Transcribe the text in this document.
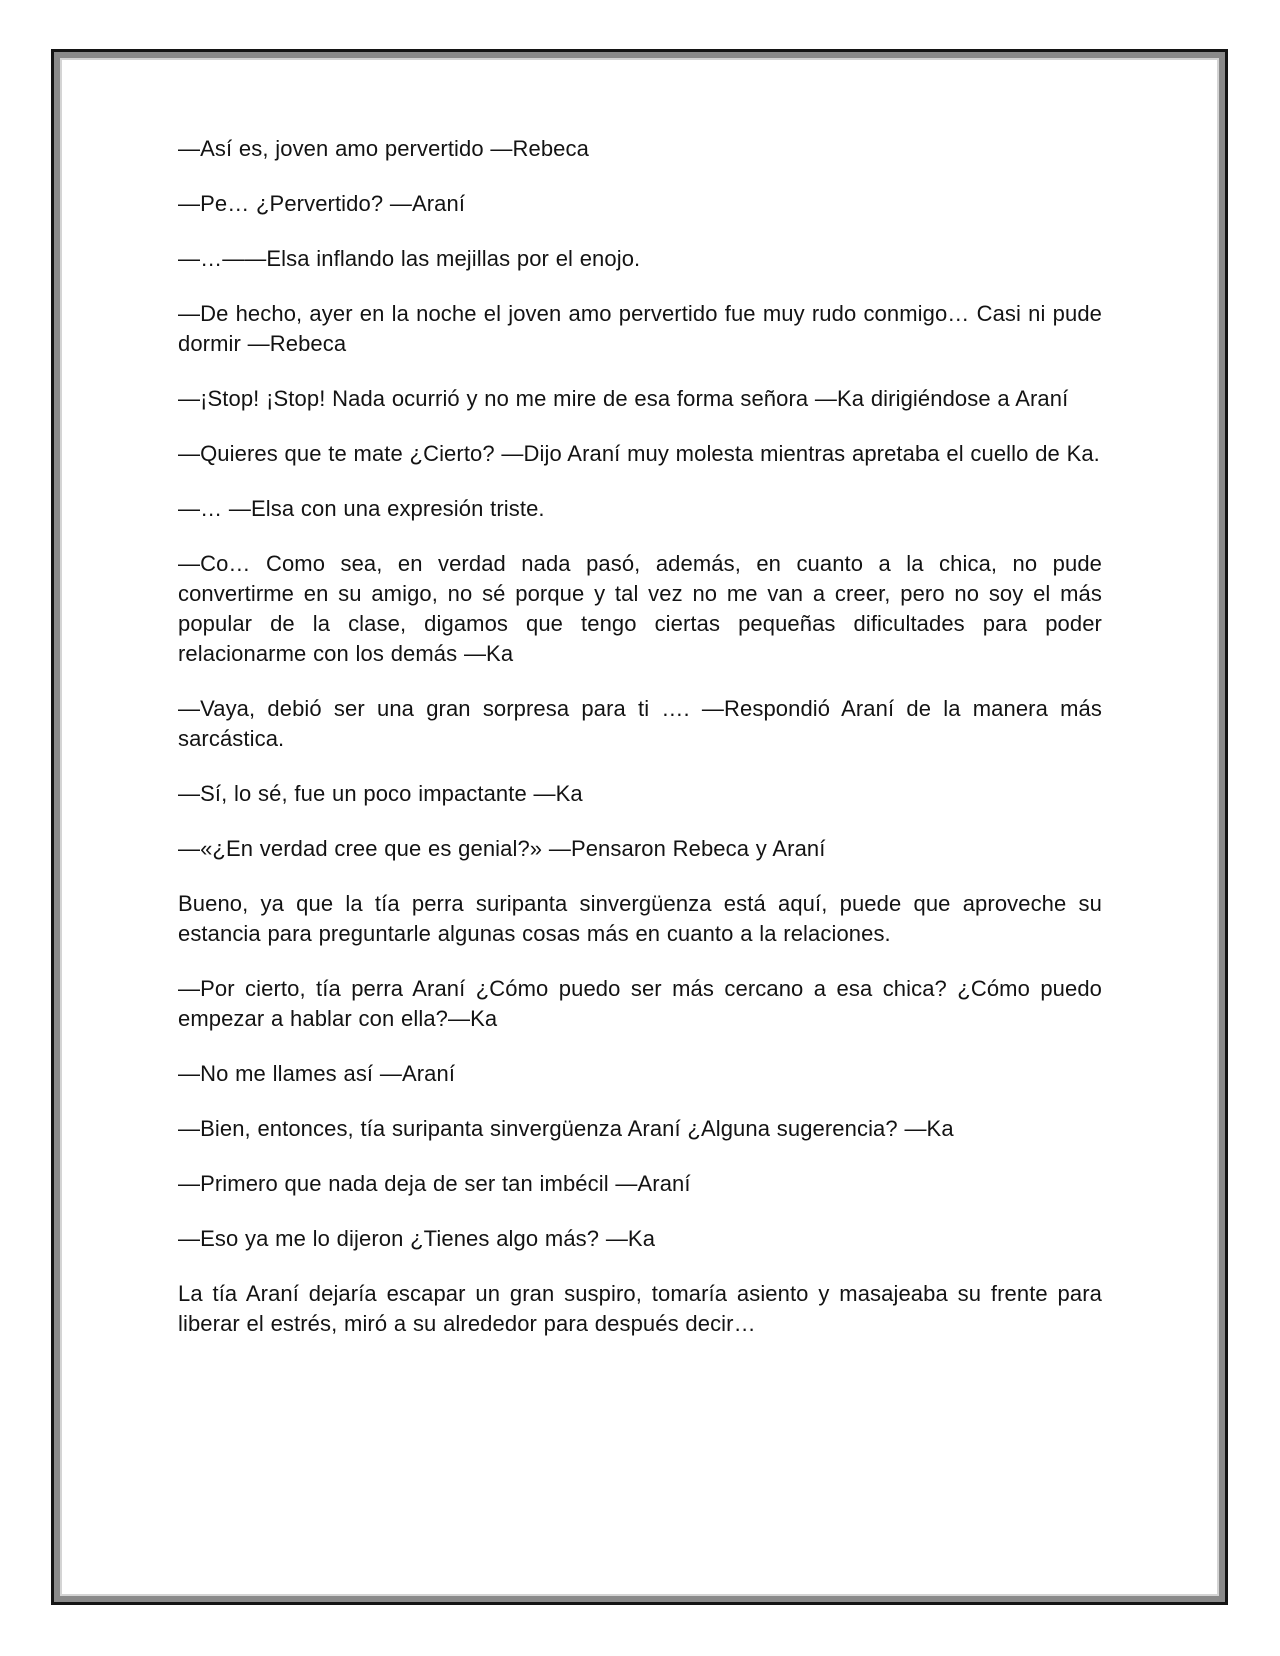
—Así es, joven amo pervertido —Rebeca

—Pe… ¿Pervertido? —Araní

—…——Elsa inflando las mejillas por el enojo.

—De hecho, ayer en la noche el joven amo pervertido fue muy rudo conmigo… Casi ni pude dormir —Rebeca

—¡Stop! ¡Stop! Nada ocurrió y no me mire de esa forma señora —Ka dirigiéndose a Araní

—Quieres que te mate ¿Cierto? —Dijo Araní muy molesta mientras apretaba el cuello de Ka.

—… —Elsa con una expresión triste.

—Co… Como sea, en verdad nada pasó, además, en cuanto a la chica, no pude convertirme en su amigo, no sé porque y tal vez no me van a creer, pero no soy el más popular de la clase, digamos que tengo ciertas pequeñas dificultades para poder relacionarme con los demás —Ka

—Vaya, debió ser una gran sorpresa para ti …. —Respondió Araní de la manera más sarcástica.

—Sí, lo sé, fue un poco impactante —Ka

—«¿En verdad cree que es genial?» —Pensaron Rebeca y Araní

Bueno, ya que la tía perra suripanta sinvergüenza está aquí, puede que aproveche su estancia para preguntarle algunas cosas más en cuanto a la relaciones.

—Por cierto, tía perra Araní ¿Cómo puedo ser más cercano a esa chica? ¿Cómo puedo empezar a hablar con ella?—Ka

—No me llames así —Araní

—Bien, entonces, tía suripanta sinvergüenza Araní ¿Alguna sugerencia? —Ka

—Primero que nada deja de ser tan imbécil —Araní

—Eso ya me lo dijeron ¿Tienes algo más? —Ka

La tía Araní dejaría escapar un gran suspiro, tomaría asiento y masajeaba su frente para liberar el estrés, miró a su alrededor para después decir…
